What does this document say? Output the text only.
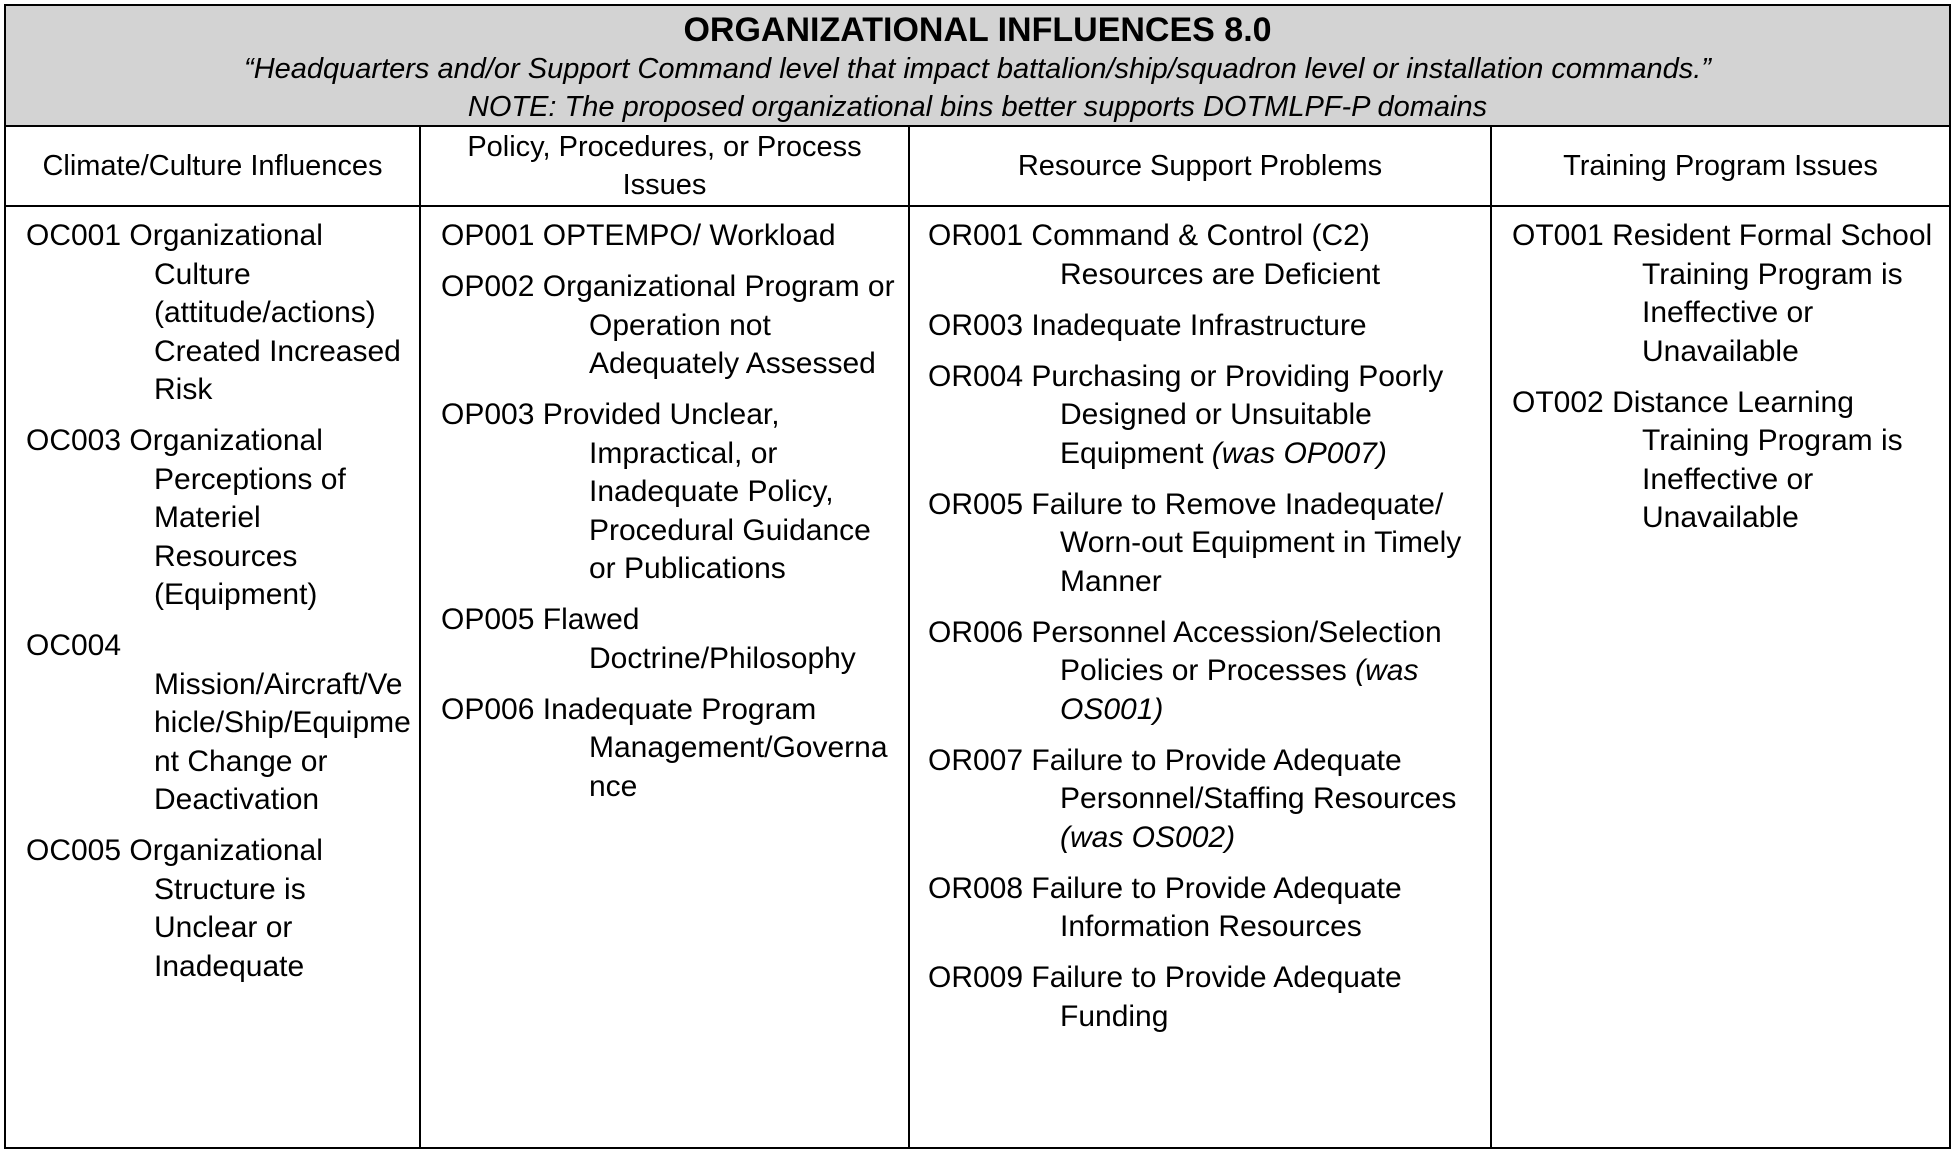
ORGANIZATIONAL INFLUENCES 8.0
“Headquarters and/or Support Command level that impact battalion/ship/squadron level or installation commands.”
NOTE: The proposed organizational bins better supports DOTMLPF-P domains
Climate/Culture Influences
OC001 Organizational Culture (attitude/actions) Created Increased Risk
OC003 Organizational Perceptions of Materiel Resources (Equipment)
OC004 Mission/Aircraft/Vehicle/Ship/Equipment Change or Deactivation
OC005 Organizational Structure is Unclear or Inadequate
Policy, Procedures, or Process Issues
OP001 OPTEMPO/ Workload
OP002 Organizational Program or Operation not Adequately Assessed
OP003 Provided Unclear, Impractical, or Inadequate Policy, Procedural Guidance or Publications
OP005 Flawed Doctrine/Philosophy
OP006 Inadequate Program Management/Governance
Resource Support Problems
OR001 Command & Control (C2) Resources are Deficient
OR003 Inadequate Infrastructure
OR004 Purchasing or Providing Poorly Designed or Unsuitable Equipment (was OP007)
OR005 Failure to Remove Inadequate/ Worn-out Equipment in Timely Manner
OR006 Personnel Accession/Selection Policies or Processes (was OS001)
OR007 Failure to Provide Adequate Personnel/Staffing Resources (was OS002)
OR008 Failure to Provide Adequate Information Resources
OR009 Failure to Provide Adequate Funding
Training Program Issues
OT001 Resident Formal School Training Program is Ineffective or Unavailable
OT002 Distance Learning Training Program is Ineffective or Unavailable
